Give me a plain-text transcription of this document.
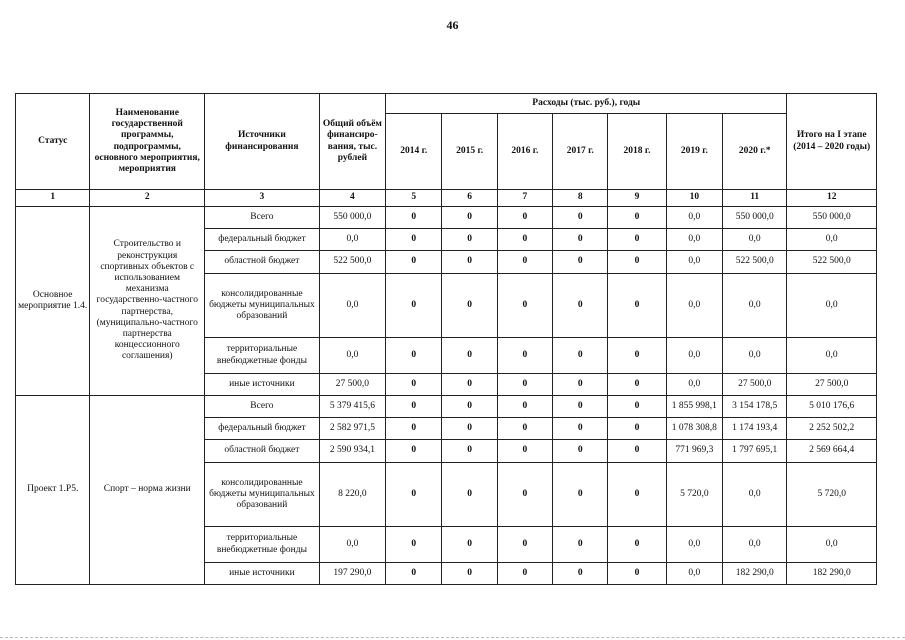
46
Статус	Наименование государственной программы, подпрограммы, основного мероприятия, мероприятия	Источники финансирования	Общий объём финансиро-вания, тыс. рублей	Расходы (тыс. руб.), годы							Итого на I этапе (2014 – 2020 годы)
				2014 г.	2015 г.	2016 г.	2017 г.	2018 г.	2019 г.	2020 г.*	
1	2	3	4	5	6	7	8	9	10	11	12
Основное мероприятие 1.4.	Строительство и реконструкция спортивных объектов с использованием механизма государственно-частного партнерства, (муниципально-частного партнерства концессионного соглашения)	Всего	550 000,0	0	0	0	0	0	0,0	550 000,0	550 000,0
		федеральный бюджет	0,0	0	0	0	0	0	0,0	0,0	0,0
		областной бюджет	522 500,0	0	0	0	0	0	0,0	522 500,0	522 500,0
		консолидированные бюджеты муниципальных образований	0,0	0	0	0	0	0	0,0	0,0	0,0
		территориальные внебюджетные фонды	0,0	0	0	0	0	0	0,0	0,0	0,0
		иные источники	27 500,0	0	0	0	0	0	0,0	27 500,0	27 500,0
Проект 1.Р5.	Спорт – норма жизни	Всего	5 379 415,6	0	0	0	0	0	1 855 998,1	3 154 178,5	5 010 176,6
		федеральный бюджет	2 582 971,5	0	0	0	0	0	1 078 308,8	1 174 193,4	2 252 502,2
		областной бюджет	2 590 934,1	0	0	0	0	0	771 969,3	1 797 695,1	2 569 664,4
		консолидированные бюджеты муниципальных образований	8 220,0	0	0	0	0	0	5 720,0	0,0	5 720,0
		территориальные внебюджетные фонды	0,0	0	0	0	0	0	0,0	0,0	0,0
		иные источники	197 290,0	0	0	0	0	0	0,0	182 290,0	182 290,0
